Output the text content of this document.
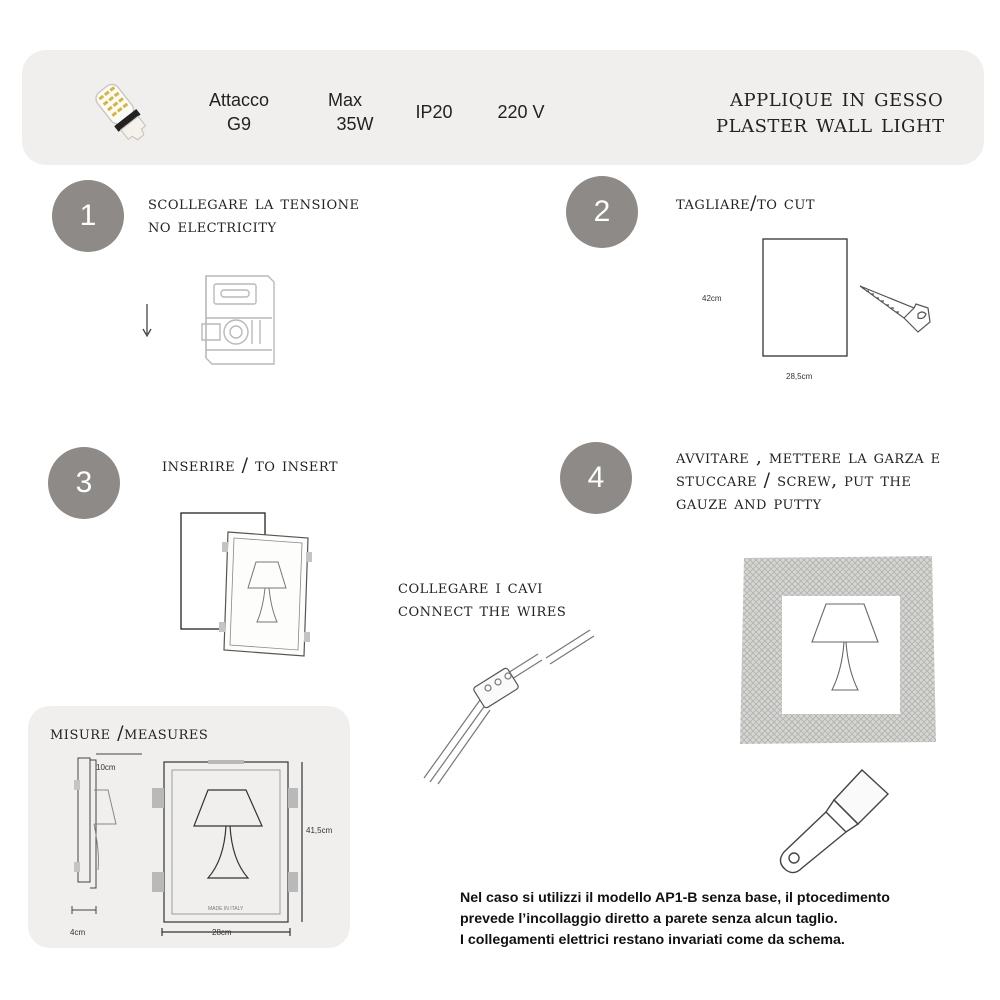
Attacco
G9
Max
35W
IP20	220 V	applique in gesso
plaster wall light
1	scollegare la tensione
no electricity	2	tagliare/to cut
42cm
28,5cm
3
inserire / to insert	4
avvitare , mettere la garza e
stuccare / screw, put the
gauze and putty
collegare i cavi
connect the wires
misure /measures
10cm
4cm
MADE IN ITALY
28cm
41,5cm
Nel caso si utilizzi il modello AP1-B senza base, il ptocedimento
prevede l’incollaggio diretto a parete senza alcun taglio.
I collegamenti elettrici restano invariati come da schema.
